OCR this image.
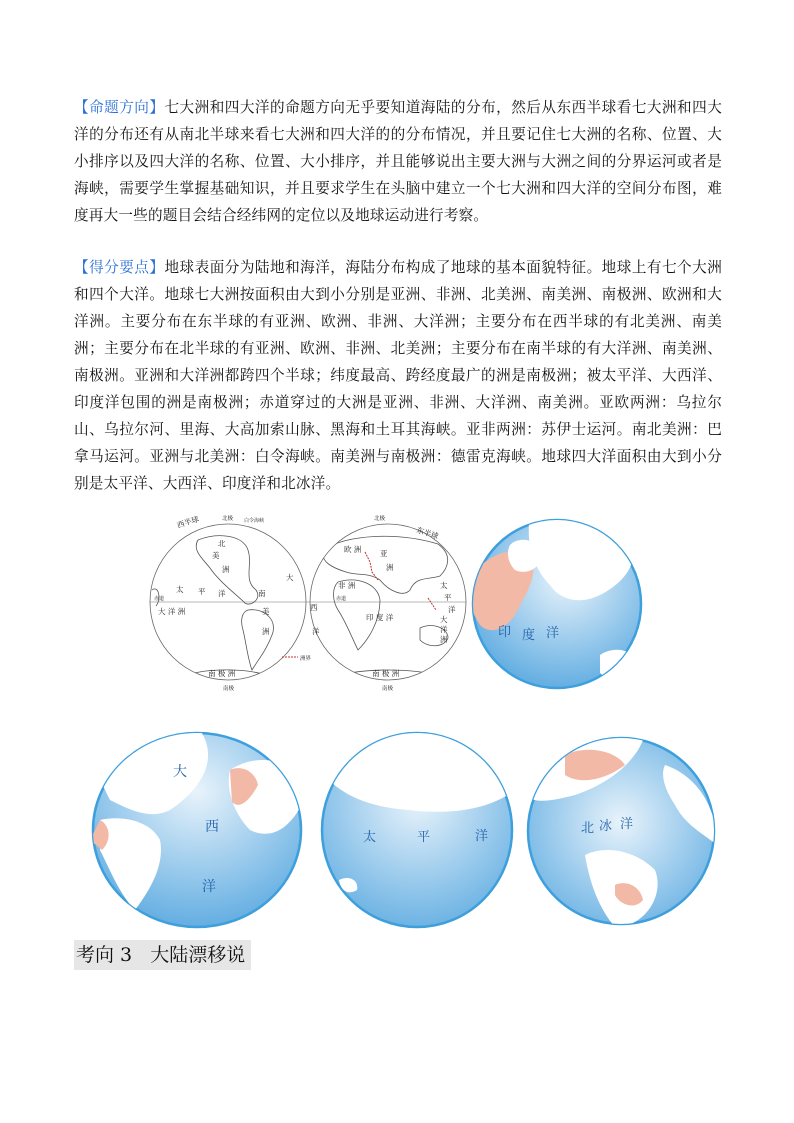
【命题方向】七大洲和四大洋的命题方向无乎要知道海陆的分布，然后从东西半球看七大洲和四大洋的分布还有从南北半球来看七大洲和四大洋的的分布情况，并且要记住七大洲的名称、位置、大小排序以及四大洋的名称、位置、大小排序，并且能够说出主要大洲与大洲之间的分界运河或者是海峡，需要学生掌握基础知识，并且要求学生在头脑中建立一个七大洲和四大洋的空间分布图，难度再大一些的题目会结合经纬网的定位以及地球运动进行考察。

【得分要点】地球表面分为陆地和海洋，海陆分布构成了地球的基本面貌特征。地球上有七个大洲和四个大洋。地球七大洲按面积由大到小分别是亚洲、非洲、北美洲、南美洲、南极洲、欧洲和大洋洲。主要分布在东半球的有亚洲、欧洲、非洲、大洋洲；主要分布在西半球的有北美洲、南美洲；主要分布在北半球的有亚洲、欧洲、非洲、北美洲；主要分布在南半球的有大洋洲、南美洲、南极洲。亚洲和大洋洲都跨四个半球；纬度最高、跨经度最广的洲是南极洲；被太平洋、大西洋、印度洋包围的洲是南极洲；赤道穿过的大洲是亚洲、非洲、大洋洲、南美洲。亚欧两洲：乌拉尔山、乌拉尔河、里海、大高加索山脉、黑海和土耳其海峡。亚非两洲：苏伊士运河。南北美洲：巴拿马运河。亚洲与北美洲：白令海峡。南美洲与南极洲：德雷克海峡。地球四大洋面积由大到小分别是太平洋、大西洋、印度洋和北冰洋。

西半球
东半球
北极	北极
白令海峡
北
美
洲
太 平 洋
大
赤道	赤道
南
美
洲
大 洋 洲
南 极 洲	南 极 洲
南极	南极
洲界
欧 洲 亚
洲
非 洲
印 度 洋
太
平
洋
大
洋
洲
西
洋	印 度 洋
大
西
洋
太	平	洋
北 冰 洋
考向 3 大陆漂移说
